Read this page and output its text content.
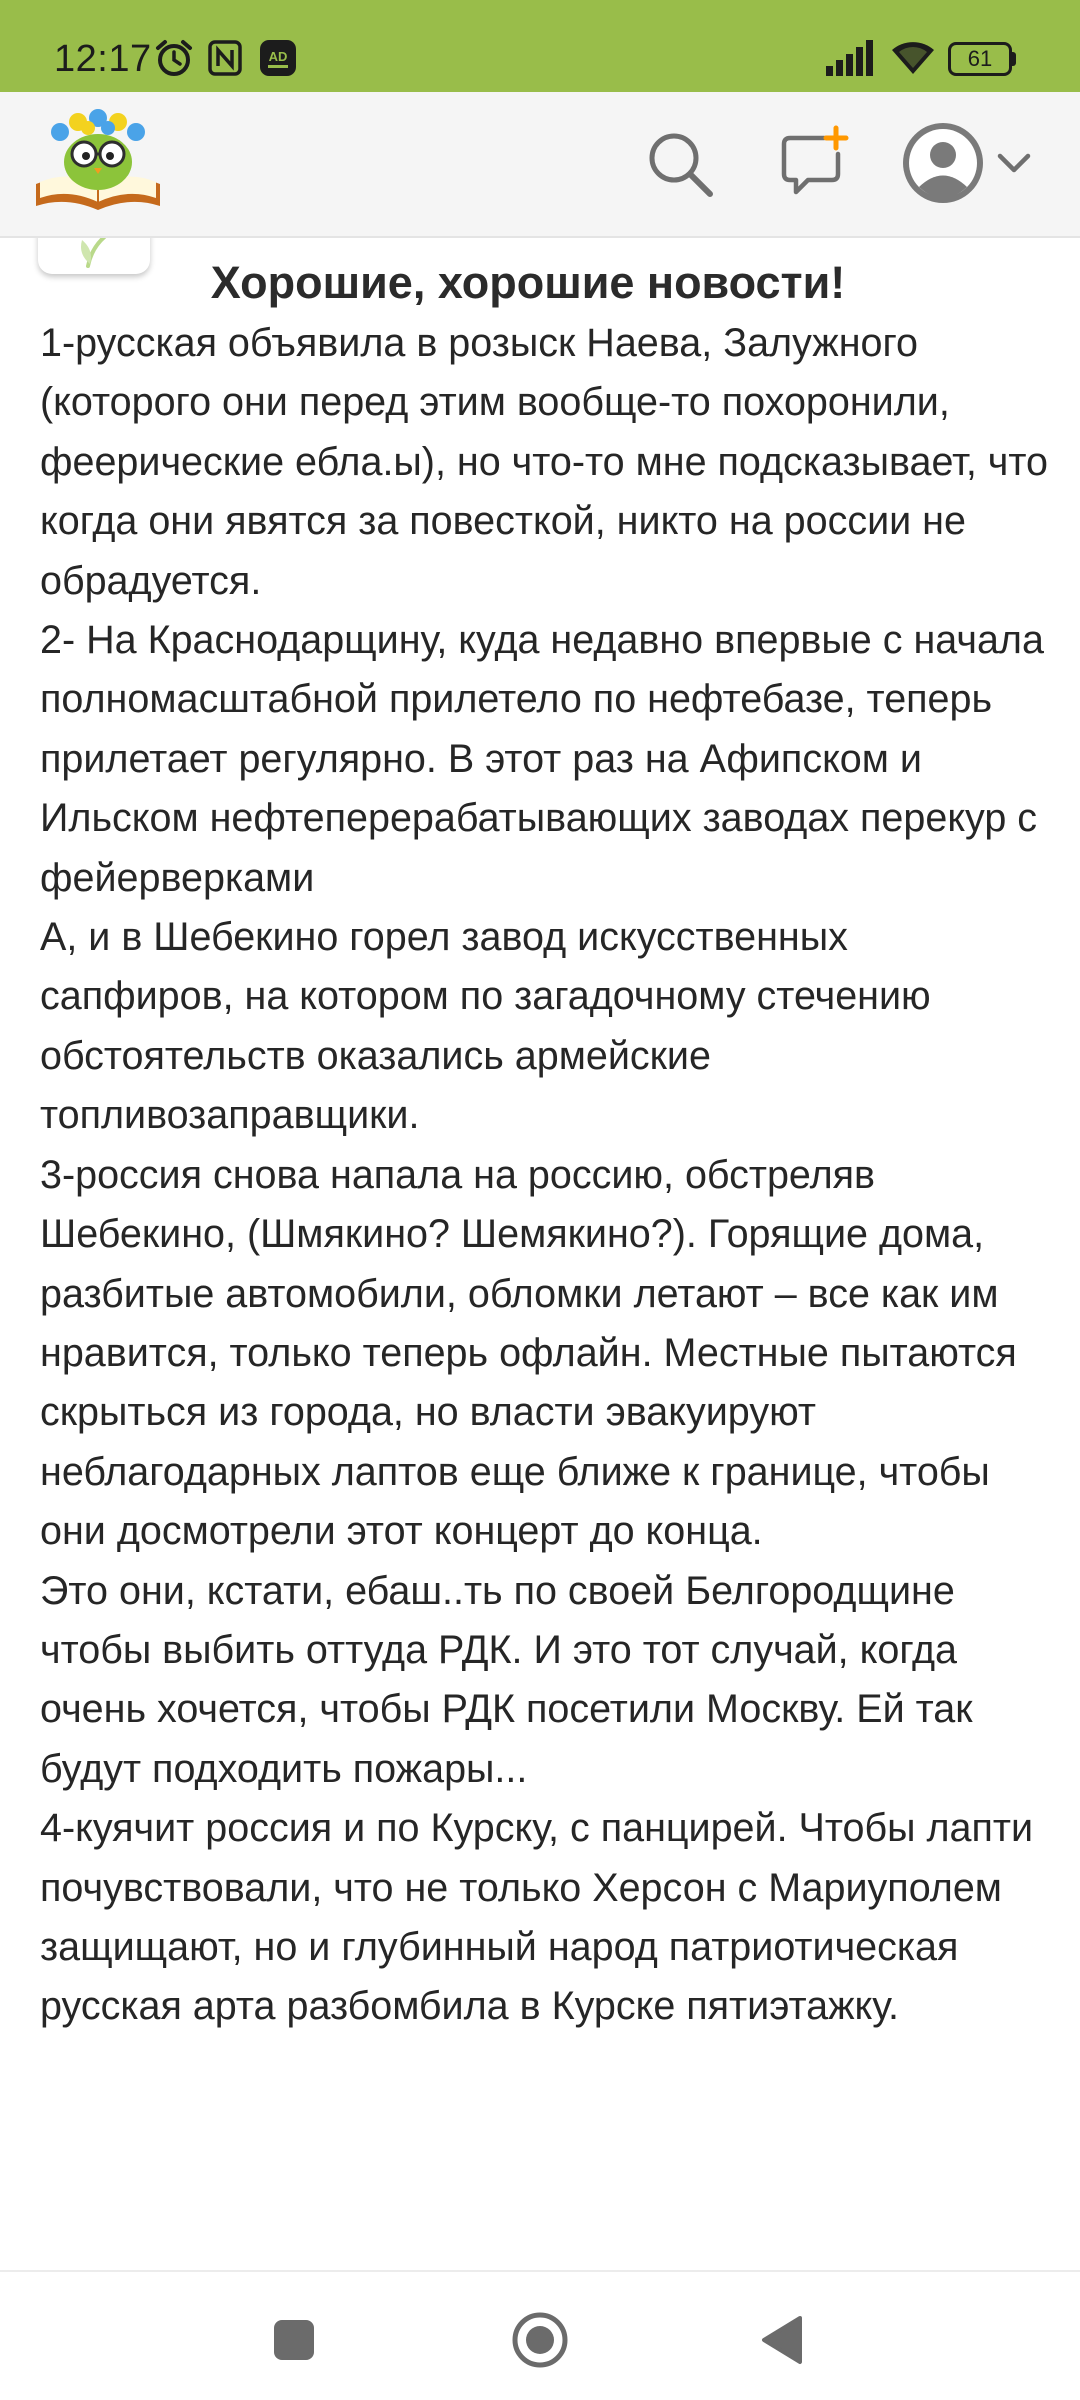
12:17	AD	61
Хорошие, хорошие новости!

1-русская объявила в розыск Наева, Залужного (которого они перед этим вообще-то похоронили, феерические ебла.ы), но что-то мне подсказывает, что когда они явятся за повесткой, никто на россии не обрадуется.

2- На Краснодарщину, куда недавно впервые с начала полномасштабной прилетело по нефтебазе, теперь прилетает регулярно. В этот раз на Афипском и Ильском нефтеперерабатывающих заводах перекур с фейерверками

А, и в Шебекино горел завод искусственных сапфиров, на котором по загадочному стечению обстоятельств оказались армейские топливозаправщики.

3-россия снова напала на россию, обстреляв Шебекино, (Шмякино? Шемякино?). Горящие дома, разбитые автомобили, обломки летают – все как им нравится, только теперь офлайн. Местные пытаются скрыться из города, но власти эвакуируют неблагодарных лаптов еще ближе к границе, чтобы они досмотрели этот концерт до конца.

Это они, кстати, ебаш..ть по своей Белгородщине чтобы выбить оттуда РДК. И это тот случай, когда очень хочется, чтобы РДК посетили Москву. Ей так будут подходить пожары...

4-куячит россия и по Курску, с панцирей. Чтобы лапти почувствовали, что не только Херсон с Мариуполем защищают, но и глубинный народ патриотическая русская арта разбомбила в Курске пятиэтажку.
